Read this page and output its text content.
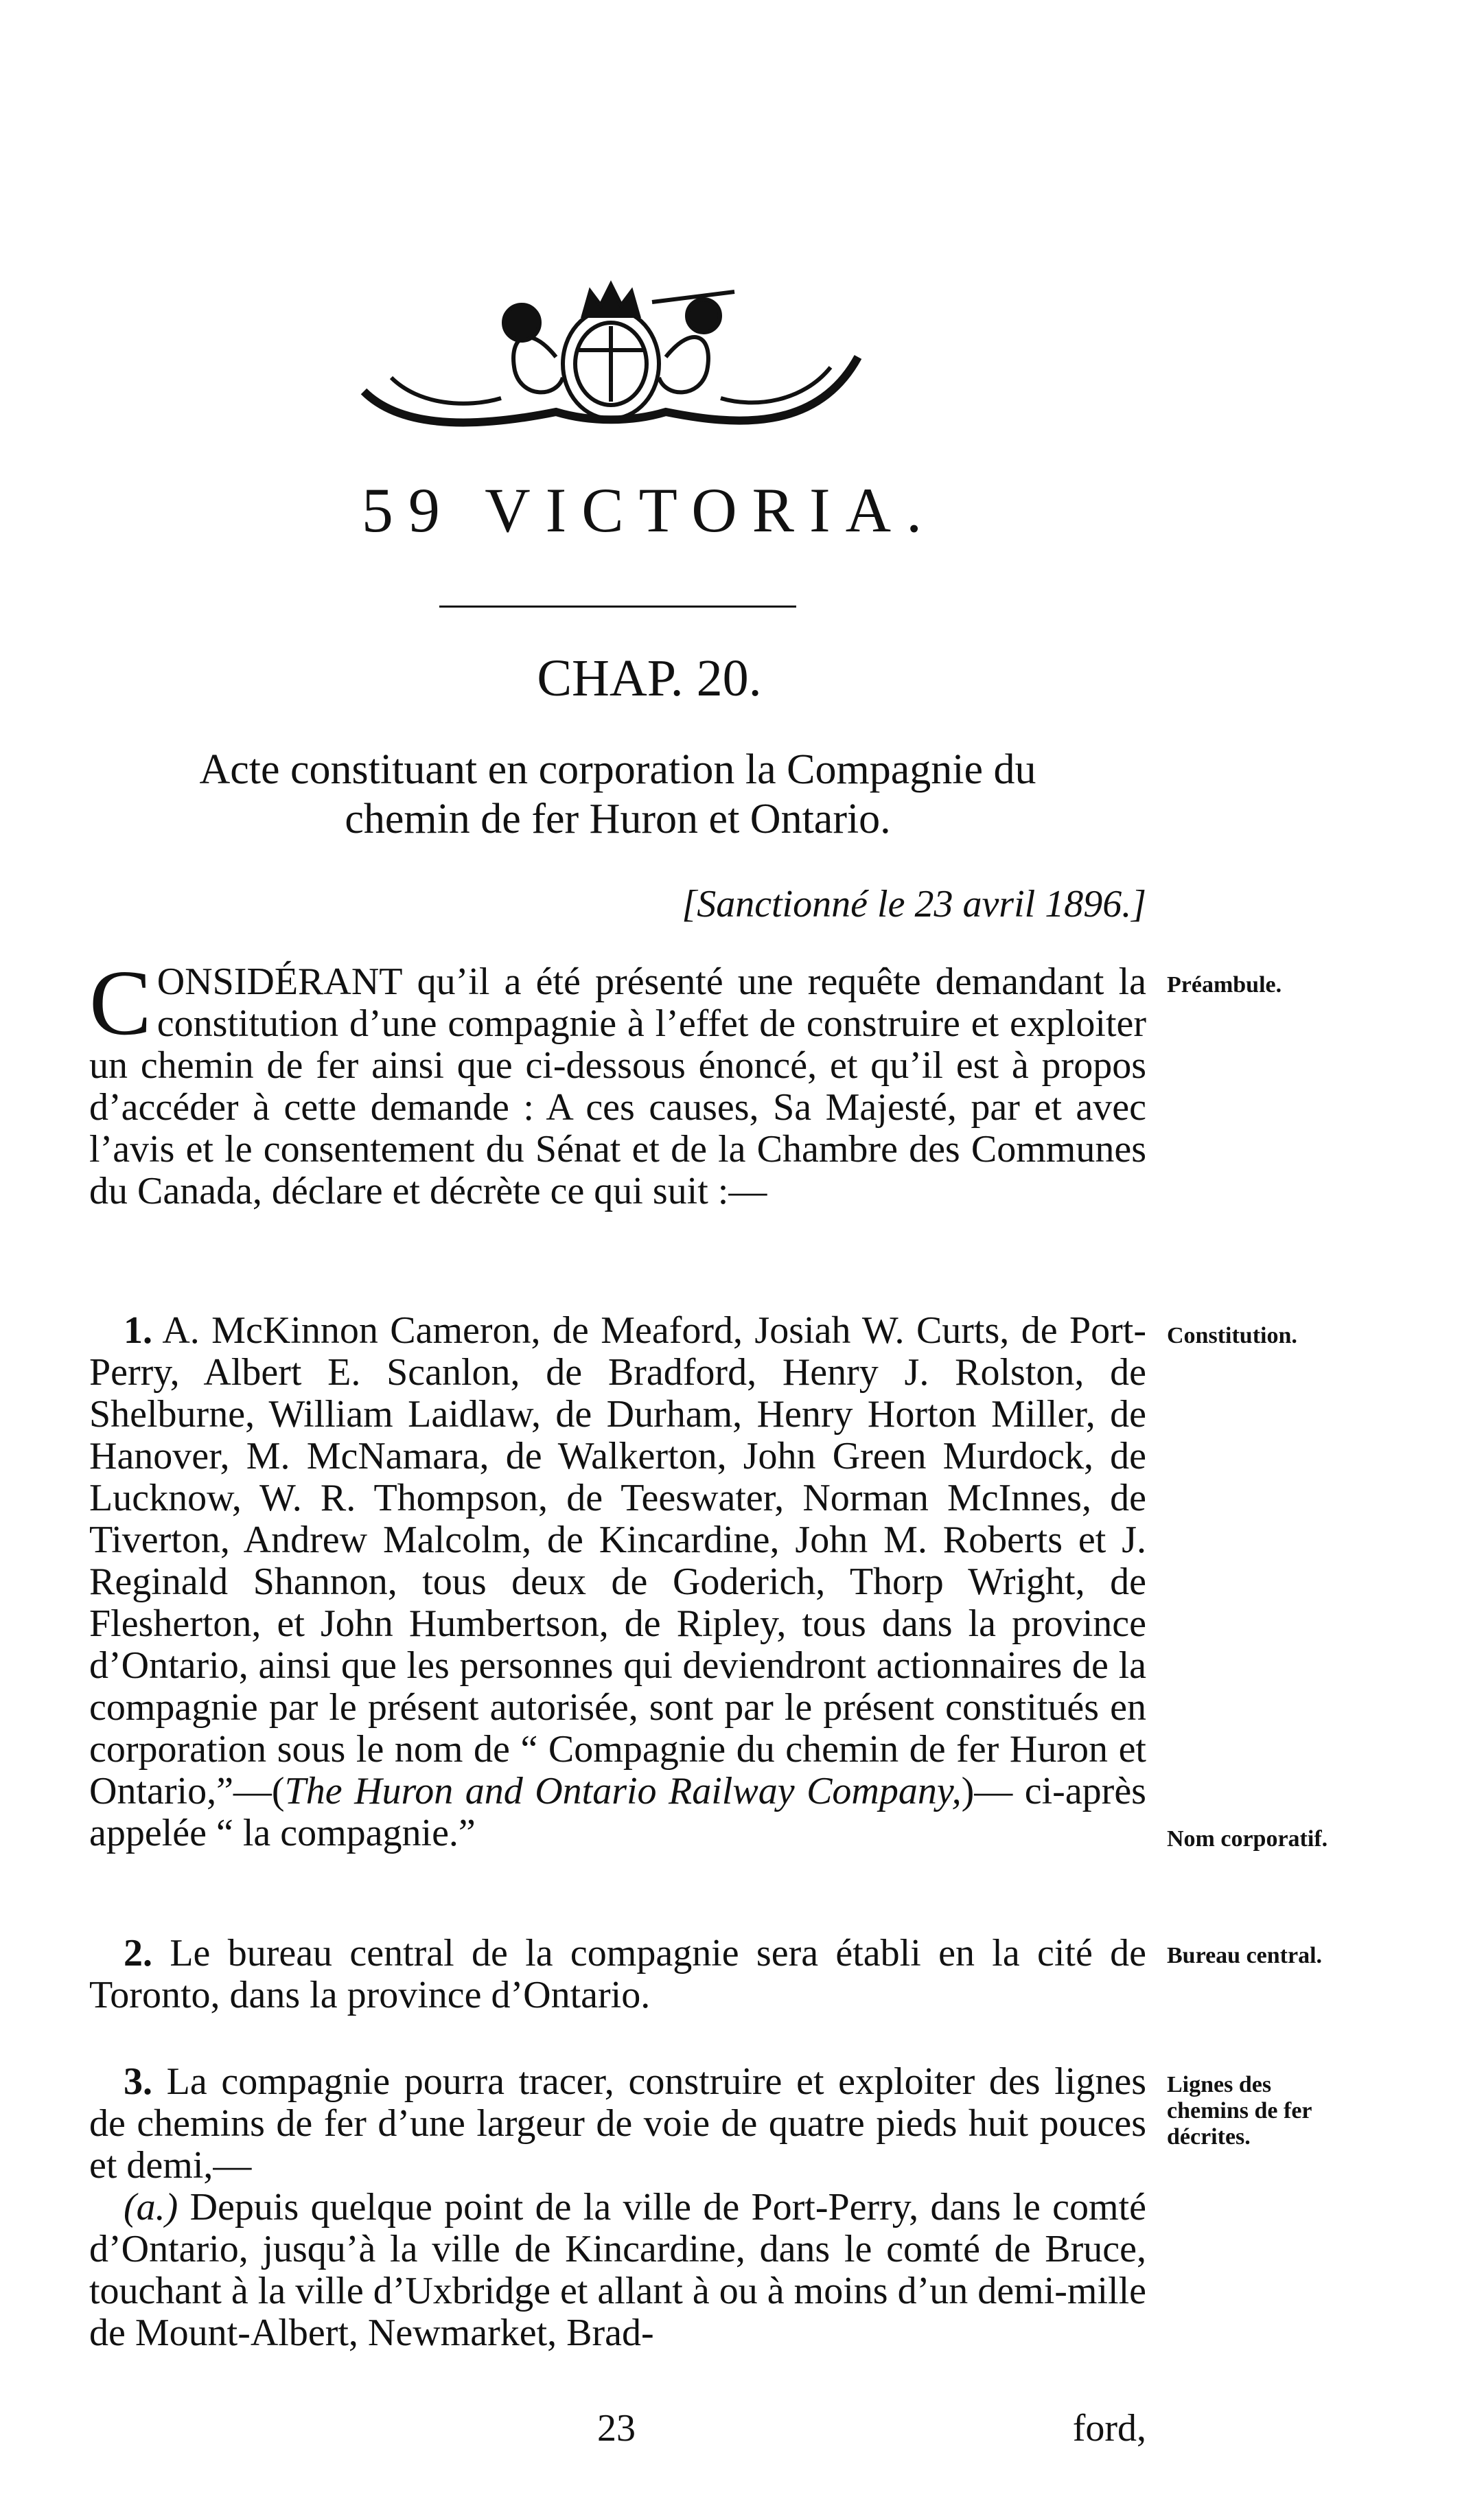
59 VICTORIA.
CHAP. 20.
Acte constituant en corporation la Compagnie du
chemin de fer Huron et Ontario.
[Sanctionné le 23 avril 1896.]

CONSIDÉRANT qu’il a été présenté une requête demandant la constitution d’une compagnie à l’effet de construire et exploiter un chemin de fer ainsi que ci-dessous énoncé, et qu’il est à propos d’accéder à cette demande : A ces causes, Sa Majesté, par et avec l’avis et le consentement du Sénat et de la Chambre des Communes du Canada, déclare et décrète ce qui suit :—

Préambule.

1. A. McKinnon Cameron, de Meaford, Josiah W. Curts, de Port-Perry, Albert E. Scanlon, de Bradford, Henry J. Rolston, de Shelburne, William Laidlaw, de Durham, Henry Horton Miller, de Hanover, M. McNamara, de Walkerton, John Green Murdock, de Lucknow, W. R. Thompson, de Teeswater, Norman McInnes, de Tiverton, Andrew Malcolm, de Kincardine, John M. Roberts et J. Reginald Shannon, tous deux de Goderich, Thorp Wright, de Flesherton, et John Humbertson, de Ripley, tous dans la province d’Ontario, ainsi que les personnes qui deviendront actionnaires de la compagnie par le présent autorisée, sont par le présent constitués en corporation sous le nom de “ Compagnie du chemin de fer Huron et Ontario,”—(The Huron and Ontario Railway Company,)— ci-après appelée “ la compagnie.”

Constitution.
Nom corporatif.

2. Le bureau central de la compagnie sera établi en la cité de Toronto, dans la province d’Ontario.

Bureau central.

3. La compagnie pourra tracer, construire et exploiter des lignes de chemins de fer d’une largeur de voie de quatre pieds huit pouces et demi,—

(a.) Depuis quelque point de la ville de Port-Perry, dans le comté d’Ontario, jusqu’à la ville de Kincardine, dans le comté de Bruce, touchant à la ville d’Uxbridge et allant à ou à moins d’un demi-mille de Mount-Albert, Newmarket, Brad-

Lignes des chemins de fer décrites.
23	ford,
